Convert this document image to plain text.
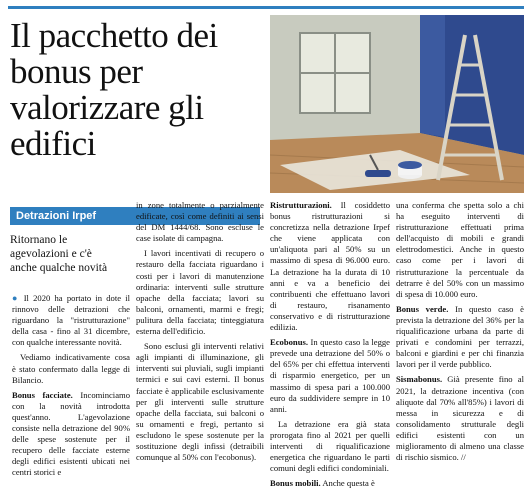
Il pacchetto dei bonus per valorizzare gli edifici
Detrazioni Irpef
Ritornano le agevolazioni e c'è anche qualche novità

● Il 2020 ha portato in dote il rinnovo delle detrazioni che riguardano la "ristrutturazione" della casa - fino al 31 dicembre, con qualche interessante novità.

Vediamo indicativamente cosa è stato confermato dalla legge di Bilancio.

Bonus facciate. Incominciamo con la novità introdotta quest'anno. L'agevolazione consiste nella detrazione del 90% delle spese sostenute per il recupero delle facciate esterne degli edifici esistenti ubicati nei centri storici e

in zone totalmente o parzialmente edificate, così come definiti ai sensi del DM 1444/68. Sono escluse le case isolate di campagna.

I lavori incentivati di recupero o restauro della facciata riguardano i costi per i lavori di manutenzione ordinaria: interventi sulle strutture opache della facciata; lavori su balconi, ornamenti, marmi e fregi; pulitura della facciata; tinteggiatura esterna dell'edificio.

Sono esclusi gli interventi relativi agli impianti di illuminazione, gli interventi sui pluviali, sugli impianti termici e sui cavi esterni. Il bonus facciate è applicabile esclusivamente per gli interventi sulle strutture opache della facciata, sui balconi o su ornamenti e fregi, pertanto si escludono le spese sostenute per la sostituzione degli infissi (detraibili comunque al 50% con l'ecobonus).

Ristrutturazioni. Il cosiddetto bonus ristrutturazioni si concretizza nella detrazione Irpef che viene applicata con un'aliquota pari al 50% su un massimo di spesa di 96.000 euro. La detrazione ha la durata di 10 anni e va a beneficio dei contribuenti che effettuano lavori di restauro, risanamento conservativo e di ristrutturazione edilizia.

Ecobonus. In questo caso la legge prevede una detrazione del 50% o del 65% per chi effettua interventi di risparmio energetico, per un massimo di spesa pari a 100.000 euro da suddividere sempre in 10 anni.

La detrazione era già stata prorogata fino al 2021 per quelli interventi di riqualificazione energetica che riguardano le parti comuni degli edifici condominiali.

Bonus mobili. Anche questa è

una conferma che spetta solo a chi ha eseguito interventi di ristrutturazione effettuati prima dell'acquisto di mobili e grandi elettrodomestici. Anche in questo caso come per i lavori di ristrutturazione la percentuale da detrarre è del 50% con un massimo di spesa di 10.000 euro.

Bonus verde. In questo caso è prevista la detrazione del 36% per la riqualificazione urbana da parte di privati e condomini per terrazzi, balconi e giardini e per chi finanzia lavori per il verde pubblico.

Sismabonus. Già presente fino al 2021, la detrazione incentiva (con aliquote dal 70% all'85%) i lavori di messa in sicurezza e di consolidamento strutturale degli edifici esistenti con un miglioramento di almeno una classe di rischio sismico. //
